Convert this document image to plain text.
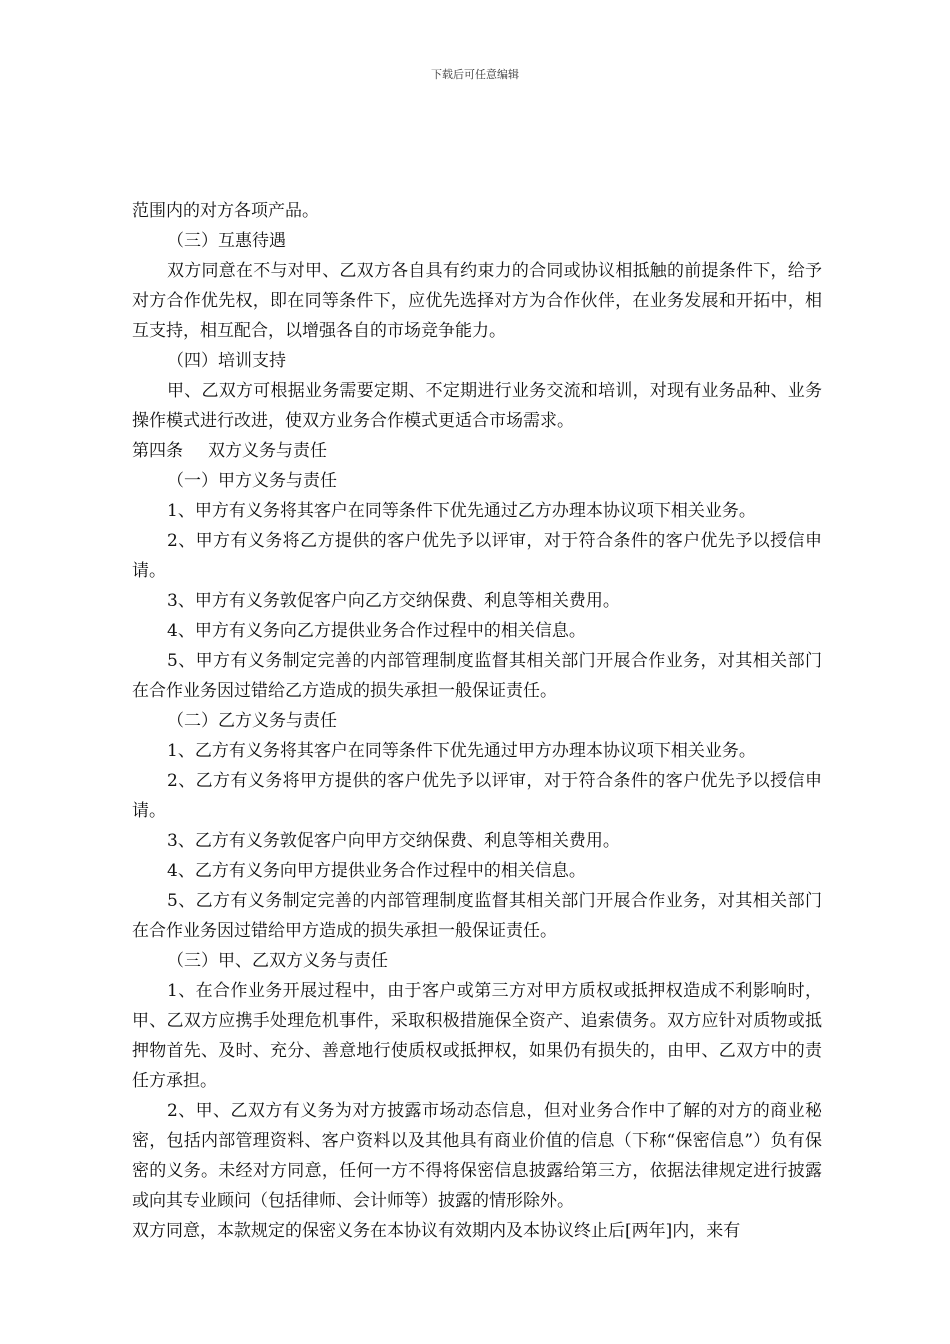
下载后可任意编辑

范围内的对方各项产品。

（三）互惠待遇

双方同意在不与对甲、乙双方各自具有约束力的合同或协议相抵触的前提条件下，给予对方合作优先权，即在同等条件下，应优先选择对方为合作伙伴，在业务发展和开拓中，相互支持，相互配合，以增强各自的市场竞争能力。

（四）培训支持

甲、乙双方可根据业务需要定期、不定期进行业务交流和培训，对现有业务品种、业务操作模式进行改进，使双方业务合作模式更适合市场需求。

第四条 双方义务与责任

（一）甲方义务与责任

1、甲方有义务将其客户在同等条件下优先通过乙方办理本协议项下相关业务。

2、甲方有义务将乙方提供的客户优先予以评审，对于符合条件的客户优先予以授信申请。

3、甲方有义务敦促客户向乙方交纳保费、利息等相关费用。

4、甲方有义务向乙方提供业务合作过程中的相关信息。

5、甲方有义务制定完善的内部管理制度监督其相关部门开展合作业务，对其相关部门在合作业务因过错给乙方造成的损失承担一般保证责任。

（二）乙方义务与责任

1、乙方有义务将其客户在同等条件下优先通过甲方办理本协议项下相关业务。

2、乙方有义务将甲方提供的客户优先予以评审，对于符合条件的客户优先予以授信申请。

3、乙方有义务敦促客户向甲方交纳保费、利息等相关费用。

4、乙方有义务向甲方提供业务合作过程中的相关信息。

5、乙方有义务制定完善的内部管理制度监督其相关部门开展合作业务，对其相关部门在合作业务因过错给甲方造成的损失承担一般保证责任。

（三）甲、乙双方义务与责任

1、在合作业务开展过程中，由于客户或第三方对甲方质权或抵押权造成不利影响时，甲、乙双方应携手处理危机事件，采取积极措施保全资产、追索债务。双方应针对质物或抵押物首先、及时、充分、善意地行使质权或抵押权，如果仍有损失的，由甲、乙双方中的责任方承担。

2、甲、乙双方有义务为对方披露市场动态信息，但对业务合作中了解的对方的商业秘密，包括内部管理资料、客户资料以及其他具有商业价值的信息（下称“保密信息”）负有保密的义务。未经对方同意，任何一方不得将保密信息披露给第三方，依据法律规定进行披露或向其专业顾问（包括律师、会计师等）披露的情形除外。

双方同意，本款规定的保密义务在本协议有效期内及本协议终止后[两年]内，来有
